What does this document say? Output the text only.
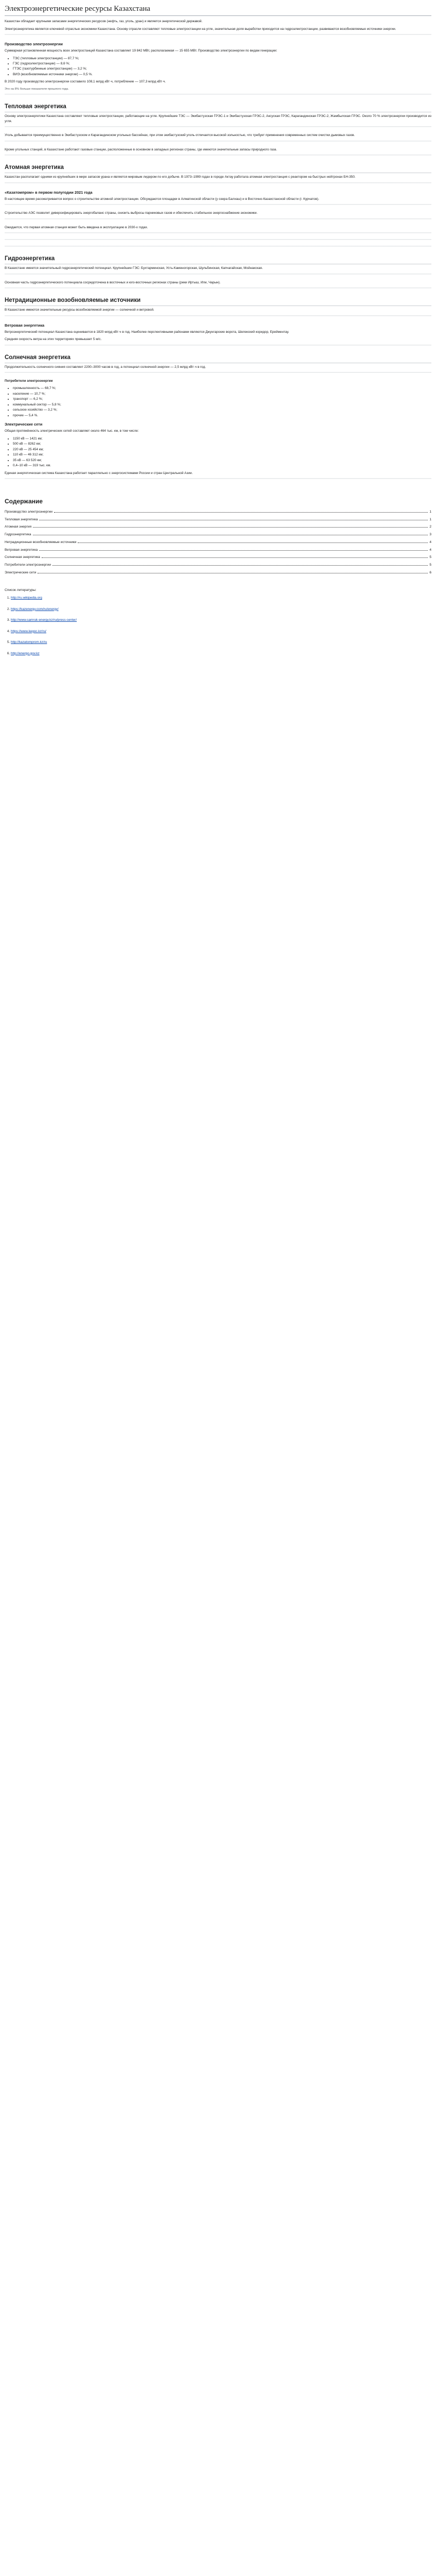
Электроэнергетические ресурсы Казахстана

Казахстан обладает крупными запасами энергетических ресурсов (нефть, газ, уголь, уран) и является энергетической державой.

Электроэнергетика является ключевой отраслью экономики Казахстана. Основу отрасли составляют тепловые электростанции на угле, значительная доля выработки приходится на гидроэлектростанции, развиваются возобновляемые источники энергии.

Производство электроэнергии

Суммарная установленная мощность всех электростанций Казахстана составляет 19 842 МВт, располагаемая — 15 655 МВт. Производство электроэнергии по видам генерации:

• ТЭС (тепловые электростанции) — 87,7 %;
• ГЭС (гидроэлектростанции) — 8,6 %;
• ГТЭС (газотурбинные электростанции) — 3,2 %;
• ВИЭ (возобновляемые источники энергии) — 0,5 %.

В 2020 году производство электроэнергии составило 108,1 млрд кВт·ч, потребление — 107,3 млрд кВт·ч.

Это на 8% больше показателя прошлого года.

Тепловая энергетика

Основу электроэнергетики Казахстана составляют тепловые электростанции, работающие на угле. Крупнейшие ТЭС — Экибастузская ГРЭС-1 и Экибастузская ГРЭС-2, Аксуская ГРЭС, Карагандинская ГРЭС-2, Жамбылская ГРЭС. Около 70 % электроэнергии производится из угля.

Уголь добывается преимущественно в Экибастузском и Карагандинском угольных бассейнах, при этом экибастузский уголь отличается высокой зольностью, что требует применения современных систем очистки дымовых газов.

Кроме угольных станций, в Казахстане работают газовые станции, расположенные в основном в западных регионах страны, где имеются значительные запасы природного газа.

Атомная энергетика

Казахстан располагает одними из крупнейших в мире запасов урана и является мировым лидером по его добыче. В 1973–1999 годах в городе Актау работала атомная электростанция с реактором на быстрых нейтронах БН-350.

«Казатомпром» в первом полугодии 2021 года

В настоящее время рассматривается вопрос о строительстве атомной электростанции. Обсуждаются площадки в Алматинской области (у озера Балхаш) и в Восточно-Казахстанской области (г. Курчатов).

Строительство АЭС позволит диверсифицировать энергобаланс страны, снизить выбросы парниковых газов и обеспечить стабильное энергоснабжение экономики.

Ожидается, что первая атомная станция может быть введена в эксплуатацию в 2030-х годах.

Гидроэнергетика

В Казахстане имеется значительный гидроэнергетический потенциал. Крупнейшие ГЭС: Бухтарминская, Усть-Каменогорская, Шульбинская, Капчагайская, Мойнакская.

Основная часть гидроэнергетического потенциала сосредоточена в восточных и юго-восточных регионах страны (реки Иртыш, Или, Чарын).

Нетрадиционные возобновляемые источники

В Казахстане имеются значительные ресурсы возобновляемой энергии — солнечной и ветровой.

Ветровая энергетика

Ветроэнергетический потенциал Казахстана оценивается в 1820 млрд кВт·ч в год. Наиболее перспективными районами являются Джунгарские ворота, Шелекский коридор, Ерейментау.

Средняя скорость ветра на этих территориях превышает 5 м/с.

Солнечная энергетика

Продолжительность солнечного сияния составляет 2200–3000 часов в год, а потенциал солнечной энергии — 2,5 млрд кВт·ч в год.

Потребители электроэнергии

• промышленность — 68,7 %;
• население — 10,7 %;
• транспорт — 6,2 %;
• коммунальный сектор — 5,8 %;
• сельское хозяйство — 3,2 %;
• прочие — 5,4 %.
Электрические сети

Общая протяжённость электрических сетей составляет около 464 тыс. км, в том числе:

• 1150 кВ — 1421 км;
• 500 кВ — 8262 км;
• 220 кВ — 25 454 км;
• 110 кВ — 46 312 км;
• 35 кВ — 63 520 км;
• 0,4–10 кВ — 319 тыс. км.

Единая энергетическая система Казахстана работает параллельно с энергосистемами России и стран Центральной Азии.

Содержание
Производство электроэнергии	1
Тепловая энергетика	1
Атомная энергия	2
Гидроэнергетика	3
Нетрадиционные возобновляемые источники	4
Ветровая энергетика	4
Солнечная энергетика	5
Потребители электроэнергии	5
Электрические сети	6
Список литературы:
1. http://ru.wikipedia.org
2. https://kazenergy.com/ru/energy/
3. http://www.samruk-energy.kz/ru/press-center/
4. https://www.kegoc.kz/ru/
5. http://kazatomprom.kz/ru
6. http://energo.gov.kz
